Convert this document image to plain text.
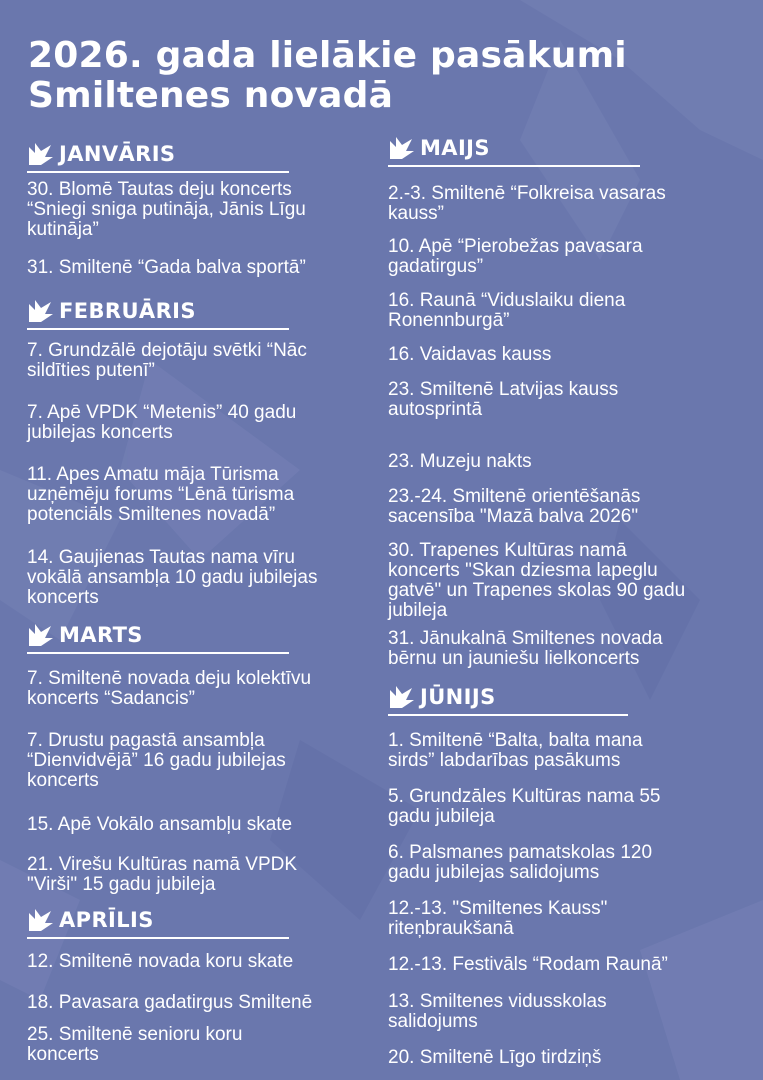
2026. gada lielākie pasākumi
Smiltenes novadā
JANVĀRIS

30. Blomē Tautas deju koncerts
“Sniegi sniga putināja, Jānis Līgu
kutināja”

31. Smiltenē “Gada balva sportā”

FEBRUĀRIS

7. Grundzālē dejotāju svētki “Nāc
sildīties putenī”

7. Apē VPDK “Metenis” 40 gadu
jubilejas koncerts

11. Apes Amatu māja Tūrisma
uzņēmēju forums “Lēnā tūrisma
potenciāls Smiltenes novadā”

14. Gaujienas Tautas nama vīru
vokālā ansambļa 10 gadu jubilejas
koncerts

MARTS

7. Smiltenē novada deju kolektīvu
koncerts “Sadancis”

7. Drustu pagastā ansambļa
“Dienvidvējā” 16 gadu jubilejas
koncerts

15. Apē Vokālo ansambļu skate

21. Virešu Kultūras namā VPDK
"Virši" 15 gadu jubileja

APRĪLIS

12. Smiltenē novada koru skate

18. Pavasara gadatirgus Smiltenē

25. Smiltenē senioru koru
koncerts

MAIJS

2.-3. Smiltenē “Folkreisa vasaras
kauss”

10. Apē “Pierobežas pavasara
gadatirgus”

16. Raunā “Viduslaiku diena
Ronennburgā”

16. Vaidavas kauss

23. Smiltenē Latvijas kauss
autosprintā

23. Muzeju nakts

23.-24. Smiltenē orientēšanās
sacensība "Mazā balva 2026"

30. Trapenes Kultūras namā
koncerts "Skan dziesma lapeglu
gatvē" un Trapenes skolas 90 gadu
jubileja

31. Jānukalnā Smiltenes novada
bērnu un jauniešu lielkoncerts

JŪNIJS

1. Smiltenē “Balta, balta mana
sirds” labdarības pasākums

5. Grundzāles Kultūras nama 55
gadu jubileja

6. Palsmanes pamatskolas 120
gadu jubilejas salidojums

12.-13. "Smiltenes Kauss"
riteņbraukšanā

12.-13. Festivāls “Rodam Raunā”

13. Smiltenes vidusskolas
salidojums

20. Smiltenē Līgo tirdziņš
